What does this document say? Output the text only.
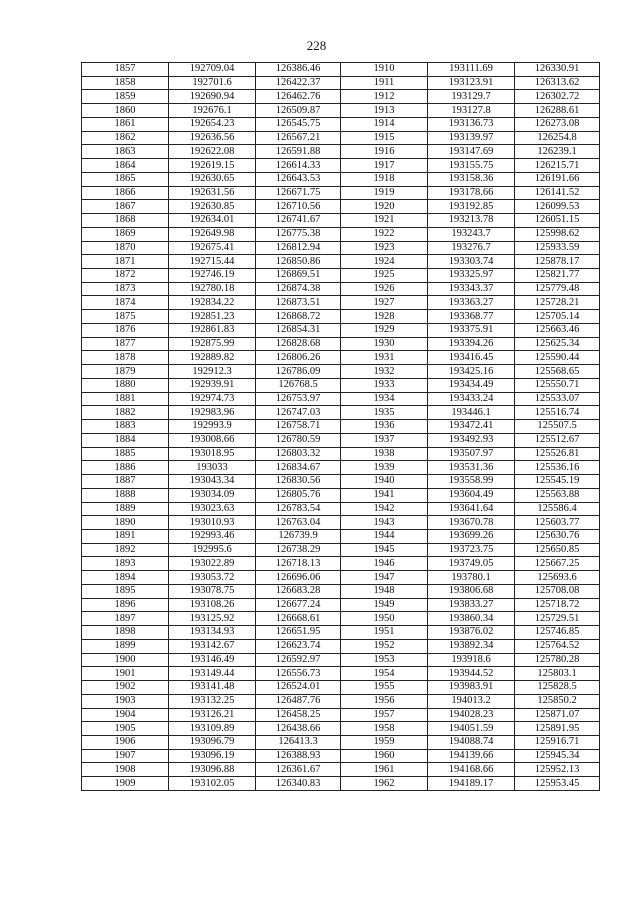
228
1857	192709.04	126386.46	1910	193111.69	126330.91
1858	192701.6	126422.37	1911	193123.91	126313.62
1859	192690.94	126462.76	1912	193129.7	126302.72
1860	192676.1	126509.87	1913	193127.8	126288.61
1861	192654.23	126545.75	1914	193136.73	126273.08
1862	192636.56	126567.21	1915	193139.97	126254.8
1863	192622.08	126591.88	1916	193147.69	126239.1
1864	192619.15	126614.33	1917	193155.75	126215.71
1865	192630.65	126643.53	1918	193158.36	126191.66
1866	192631.56	126671.75	1919	193178.66	126141.52
1867	192630.85	126710.56	1920	193192.85	126099.53
1868	192634.01	126741.67	1921	193213.78	126051.15
1869	192649.98	126775.38	1922	193243.7	125998.62
1870	192675.41	126812.94	1923	193276.7	125933.59
1871	192715.44	126850.86	1924	193303.74	125878.17
1872	192746.19	126869.51	1925	193325.97	125821.77
1873	192780.18	126874.38	1926	193343.37	125779.48
1874	192834.22	126873.51	1927	193363.27	125728.21
1875	192851.23	126868.72	1928	193368.77	125705.14
1876	192861.83	126854.31	1929	193375.91	125663.46
1877	192875.99	126828.68	1930	193394.26	125625.34
1878	192889.82	126806.26	1931	193416.45	125590.44
1879	192912.3	126786.09	1932	193425.16	125568.65
1880	192939.91	126768.5	1933	193434.49	125550.71
1881	192974.73	126753.97	1934	193433.24	125533.07
1882	192983.96	126747.03	1935	193446.1	125516.74
1883	192993.9	126758.71	1936	193472.41	125507.5
1884	193008.66	126780.59	1937	193492.93	125512.67
1885	193018.95	126803.32	1938	193507.97	125526.81
1886	193033	126834.67	1939	193531.36	125536.16
1887	193043.34	126830.56	1940	193558.99	125545.19
1888	193034.09	126805.76	1941	193604.49	125563.88
1889	193023.63	126783.54	1942	193641.64	125586.4
1890	193010.93	126763.04	1943	193670.78	125603.77
1891	192993.46	126739.9	1944	193699.26	125630.76
1892	192995.6	126738.29	1945	193723.75	125650.85
1893	193022.89	126718.13	1946	193749.05	125667.25
1894	193053.72	126696.06	1947	193780.1	125693.6
1895	193078.75	126683.28	1948	193806.68	125708.08
1896	193108.26	126677.24	1949	193833.27	125718.72
1897	193125.92	126668.61	1950	193860.34	125729.51
1898	193134.93	126651.95	1951	193876.02	125746.85
1899	193142.67	126623.74	1952	193892.34	125764.52
1900	193146.49	126592.97	1953	193918.6	125780.28
1901	193149.44	126556.73	1954	193944.52	125803.1
1902	193141.48	126524.01	1955	193983.91	125828.5
1903	193132.25	126487.76	1956	194013.2	125850.2
1904	193126.21	126458.25	1957	194028.23	125871.07
1905	193109.89	126438.66	1958	194051.59	125891.95
1906	193096.79	126413.3	1959	194088.74	125916.71
1907	193096.19	126388.93	1960	194139.66	125945.34
1908	193096.88	126361.67	1961	194168.66	125952.13
1909	193102.05	126340.83	1962	194189.17	125953.45
